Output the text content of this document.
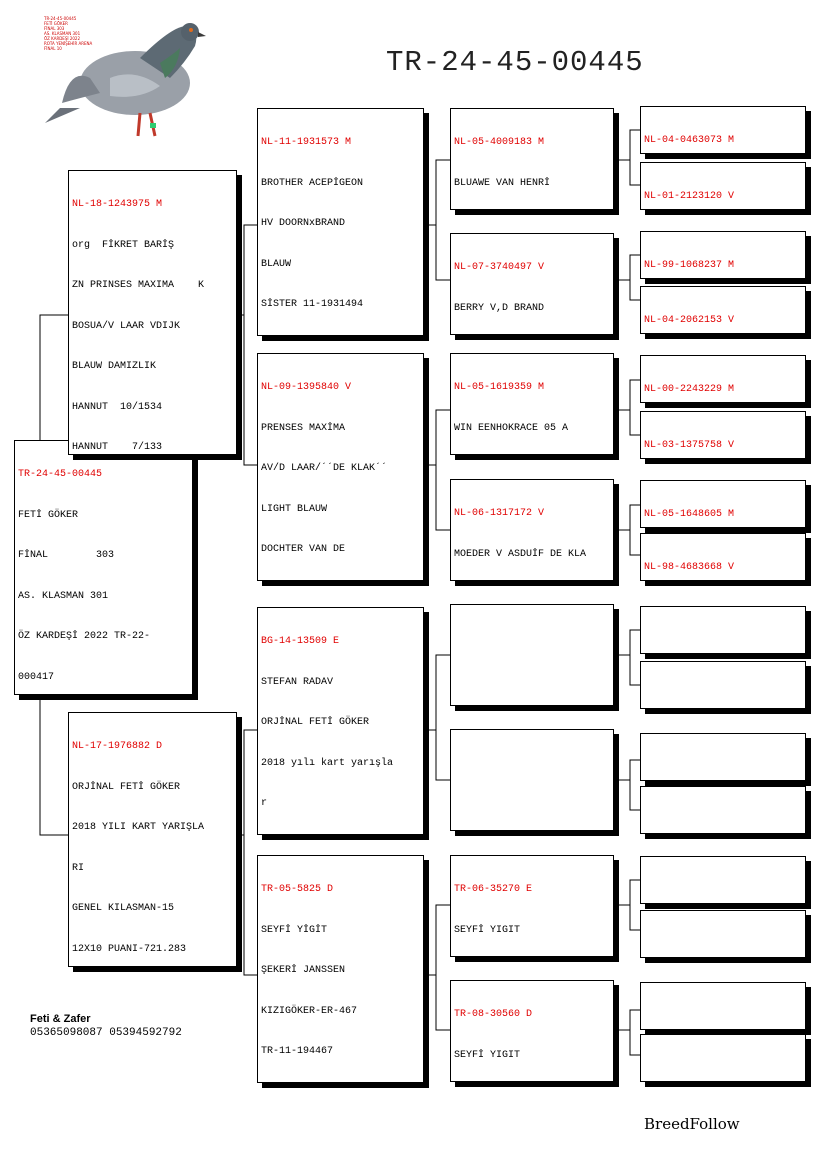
TR-24-45-00445
FETİ GÖKER
FİNAL 303
AS. KLASMAN 301
ÖZ KARDEŞİ 2022
ROTA YENİŞEHİR ARENA
FİNAL 10	TR-24-45-00445

TR-24-45-00445

FETİ GÖKER

FİNAL        303

AS. KLASMAN 301

ÖZ KARDEŞİ 2022 TR-22-

000417

NL-18-1243975 M

org  FİKRET BARİŞ

ZN PRINSES MAXIMA    K

BOSUA/V LAAR VDIJK

BLAUW DAMIZLIK

HANNUT  10/1534

HANNUT    7/133

NL-17-1976882 D

ORJİNAL FETİ GÖKER

2018 YILI KART YARIŞLA

RI

GENEL KILASMAN-15

12X10 PUANI-721.283

NL-11-1931573 M

BROTHER ACEPİGEON

HV DOORNxBRAND

BLAUW

SİSTER 11-1931494

NL-09-1395840 V

PRENSES MAXİMA

AV/D LAAR/´´DE KLAK´´

LIGHT BLAUW

DOCHTER VAN DE

BG-14-13509 E

STEFAN RADAV

ORJİNAL FETİ GÖKER

2018 yılı kart yarışla

r

TR-05-5825 D

SEYFİ YİGİT

ŞEKERİ JANSSEN

KIZIGÖKER-ER-467

TR-11-194467

NL-05-4009183 M

BLUAWE VAN HENRİ

NL-07-3740497 V

BERRY V,D BRAND

NL-05-1619359 M

WIN EENHOKRACE 05 A

NL-06-1317172 V

MOEDER V ASDUİF DE KLA

TR-06-35270 E

SEYFİ YIGIT

TR-08-30560 D

SEYFİ YIGIT

NL-04-0463073 M

NL-01-2123120 V

NL-99-1068237 M

NL-04-2062153 V

NL-00-2243229 M

NL-03-1375758 V

NL-05-1648605 M

NL-98-4683668 V

Feti & Zafer
05365098087 05394592792
BreedFollow
